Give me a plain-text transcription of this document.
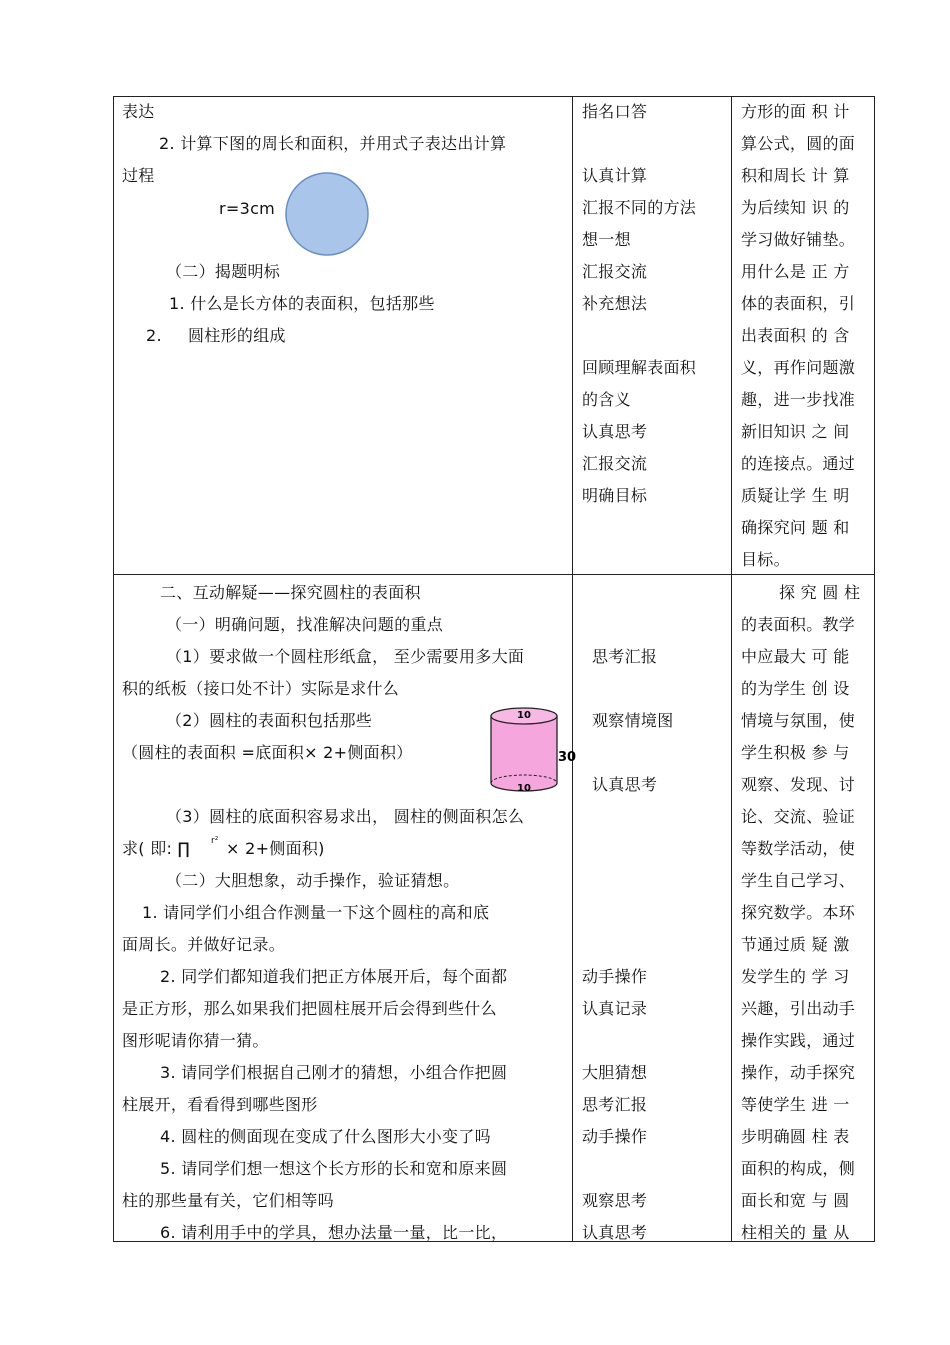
表达
2. 计算下图的周长和面积，并用式子表达出计算
过程
r=3cm
（二）揭题明标
1. 什么是长方体的表面积，包括那些
2. 圆柱形的组成
指名口答
认真计算
汇报不同的方法
想一想
汇报交流
补充想法
回顾理解表面积
的含义
认真思考
汇报交流
明确目标
方形的面 积 计
算公式，圆的面
积和周长 计 算
为后续知 识 的
学习做好铺垫。
用什么是 正 方
体的表面积，引
出表面积 的 含
义，再作问题激
趣，进一步找准
新旧知识 之 间
的连接点。通过
质疑让学 生 明
确探究问 题 和
目标。
二、互动解疑——探究圆柱的表面积
（一）明确问题，找准解决问题的重点
（1）要求做一个圆柱形纸盒， 至少需要用多大面
积的纸板（接口处不计）实际是求什么
（2）圆柱的表面积包括那些
（圆柱的表面积 =底面积× 2+侧面积）
10
10
30
（3）圆柱的底面积容易求出， 圆柱的侧面积怎么
求( 即: ∏ r² × 2+侧面积)
（二）大胆想象，动手操作，验证猜想。
1. 请同学们小组合作测量一下这个圆柱的高和底
面周长。并做好记录。
2. 同学们都知道我们把正方体展开后，每个面都
是正方形，那么如果我们把圆柱展开后会得到些什么
图形呢请你猜一猜。
3. 请同学们根据自己刚才的猜想，小组合作把圆
柱展开，看看得到哪些图形
4. 圆柱的侧面现在变成了什么图形大小变了吗
5. 请同学们想一想这个长方形的长和宽和原来圆
柱的那些量有关，它们相等吗
6. 请利用手中的学具，想办法量一量，比一比，
思考汇报
观察情境图
认真思考
动手操作
认真记录
大胆猜想
思考汇报
动手操作
观察思考
认真思考
探 究 圆 柱
的表面积。教学
中应最大 可 能
的为学生 创 设
情境与氛围，使
学生积极 参 与
观察、发现、讨
论、交流、验证
等数学活动，使
学生自己学习、
探究数学。本环
节通过质 疑 激
发学生的 学 习
兴趣，引出动手
操作实践，通过
操作，动手探究
等使学生 进 一
步明确圆 柱 表
面积的构成，侧
面长和宽 与 圆
柱相关的 量 从
